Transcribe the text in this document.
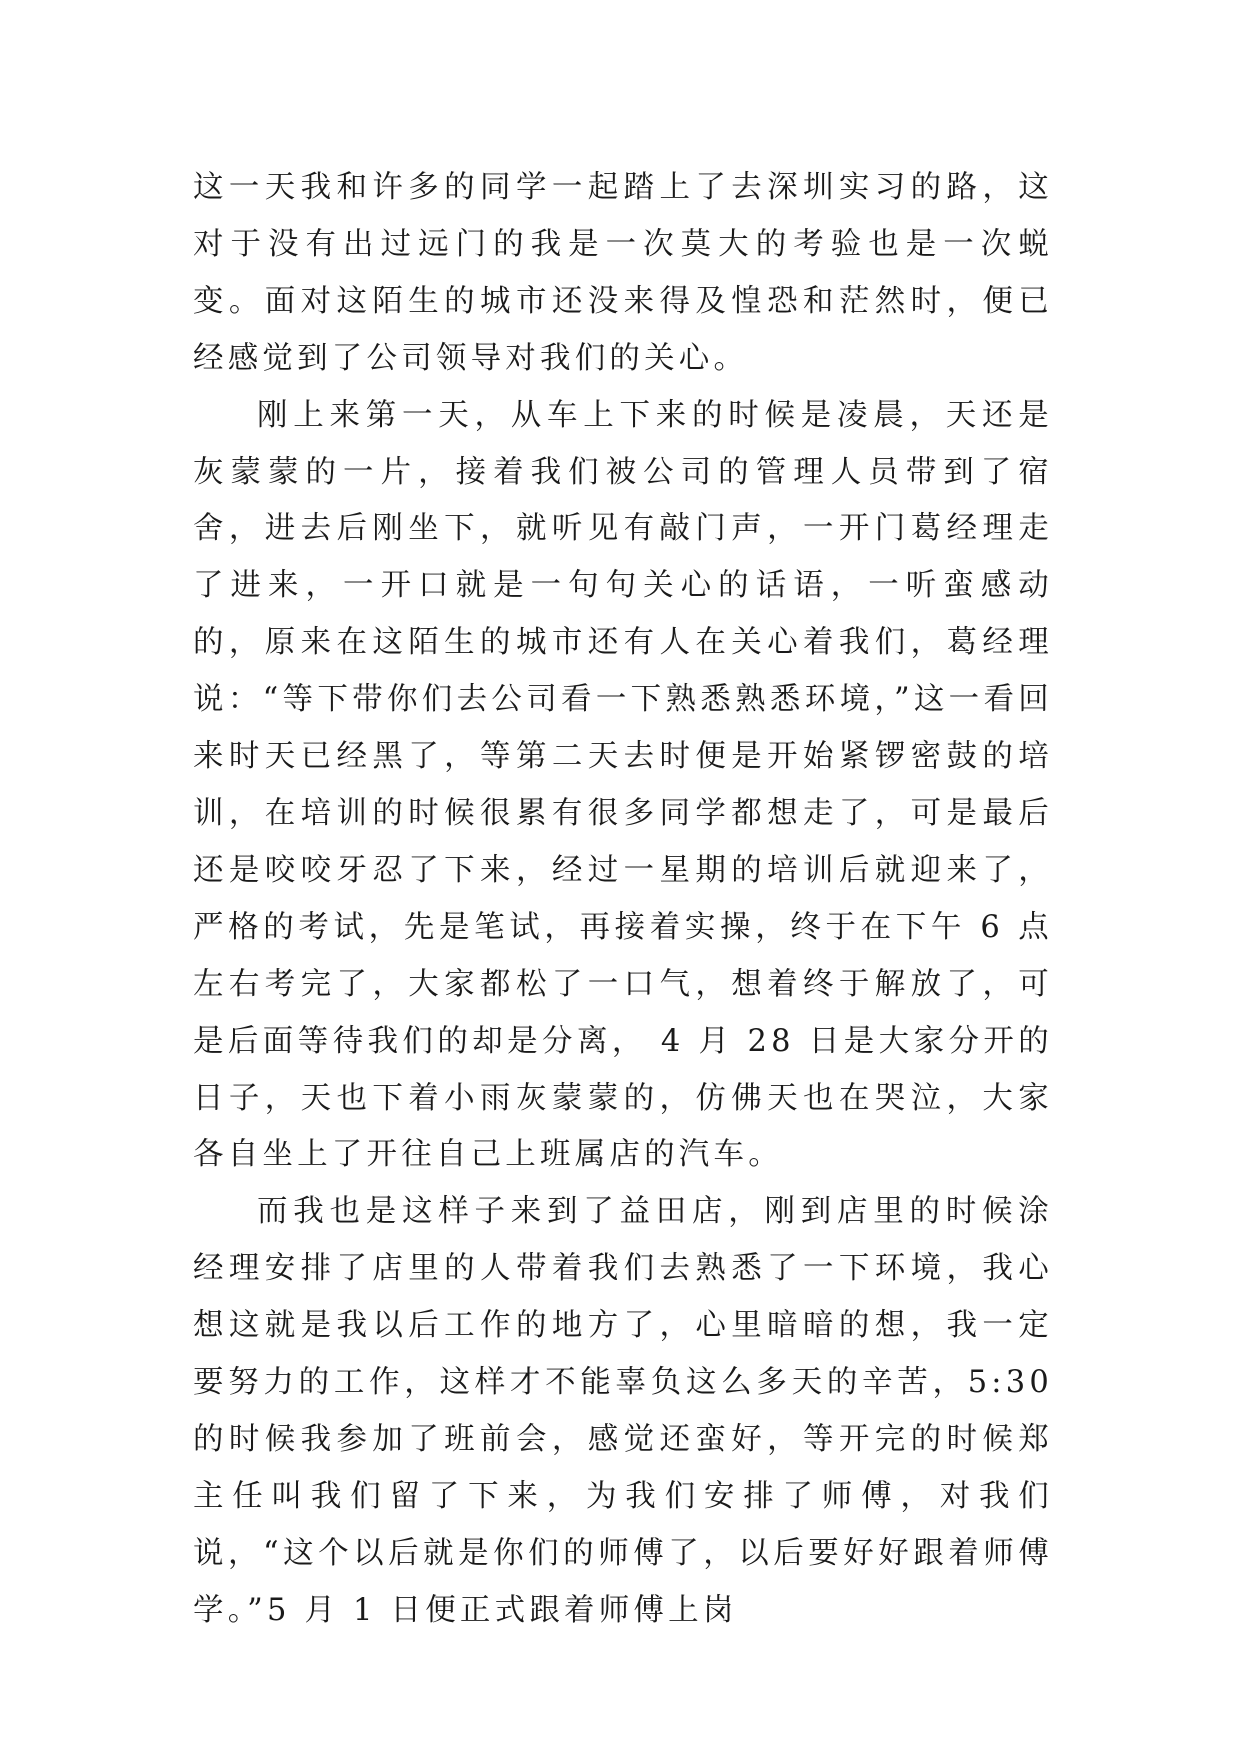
这一天我和许多的同学一起踏上了去深圳实习的路，这对于没有出过远门的我是一次莫大的考验也是一次蜕变。面对这陌生的城市还没来得及惶恐和茫然时，便已经感觉到了公司领导对我们的关心。

刚上来第一天，从车上下来的时候是凌晨，天还是灰蒙蒙的一片，接着我们被公司的管理人员带到了宿舍，进去后刚坐下，就听见有敲门声，一开门葛经理走了进来，一开口就是一句句关心的话语，一听蛮感动的，原来在这陌生的城市还有人在关心着我们，葛经理说：“等下带你们去公司看一下熟悉熟悉环境，”这一看回来时天已经黑了，等第二天去时便是开始紧锣密鼓的培训，在培训的时候很累有很多同学都想走了，可是最后还是咬咬牙忍了下来，经过一星期的培训后就迎来了，严格的考试，先是笔试，再接着实操，终于在下午 6 点左右考完了，大家都松了一口气，想着终于解放了，可是后面等待我们的却是分离， 4 月 28 日是大家分开的日子，天也下着小雨灰蒙蒙的，仿佛天也在哭泣，大家各自坐上了开往自己上班属店的汽车。

而我也是这样子来到了益田店，刚到店里的时候涂经理安排了店里的人带着我们去熟悉了一下环境，我心想这就是我以后工作的地方了，心里暗暗的想，我一定要努力的工作，这样才不能辜负这么多天的辛苦，5:30 的时候我参加了班前会，感觉还蛮好，等开完的时候郑主任叫我们留了下来，为我们安排了师傅，对我们说，“这个以后就是你们的师傅了，以后要好好跟着师傅学。”5 月 1 日便正式跟着师傅上岗
